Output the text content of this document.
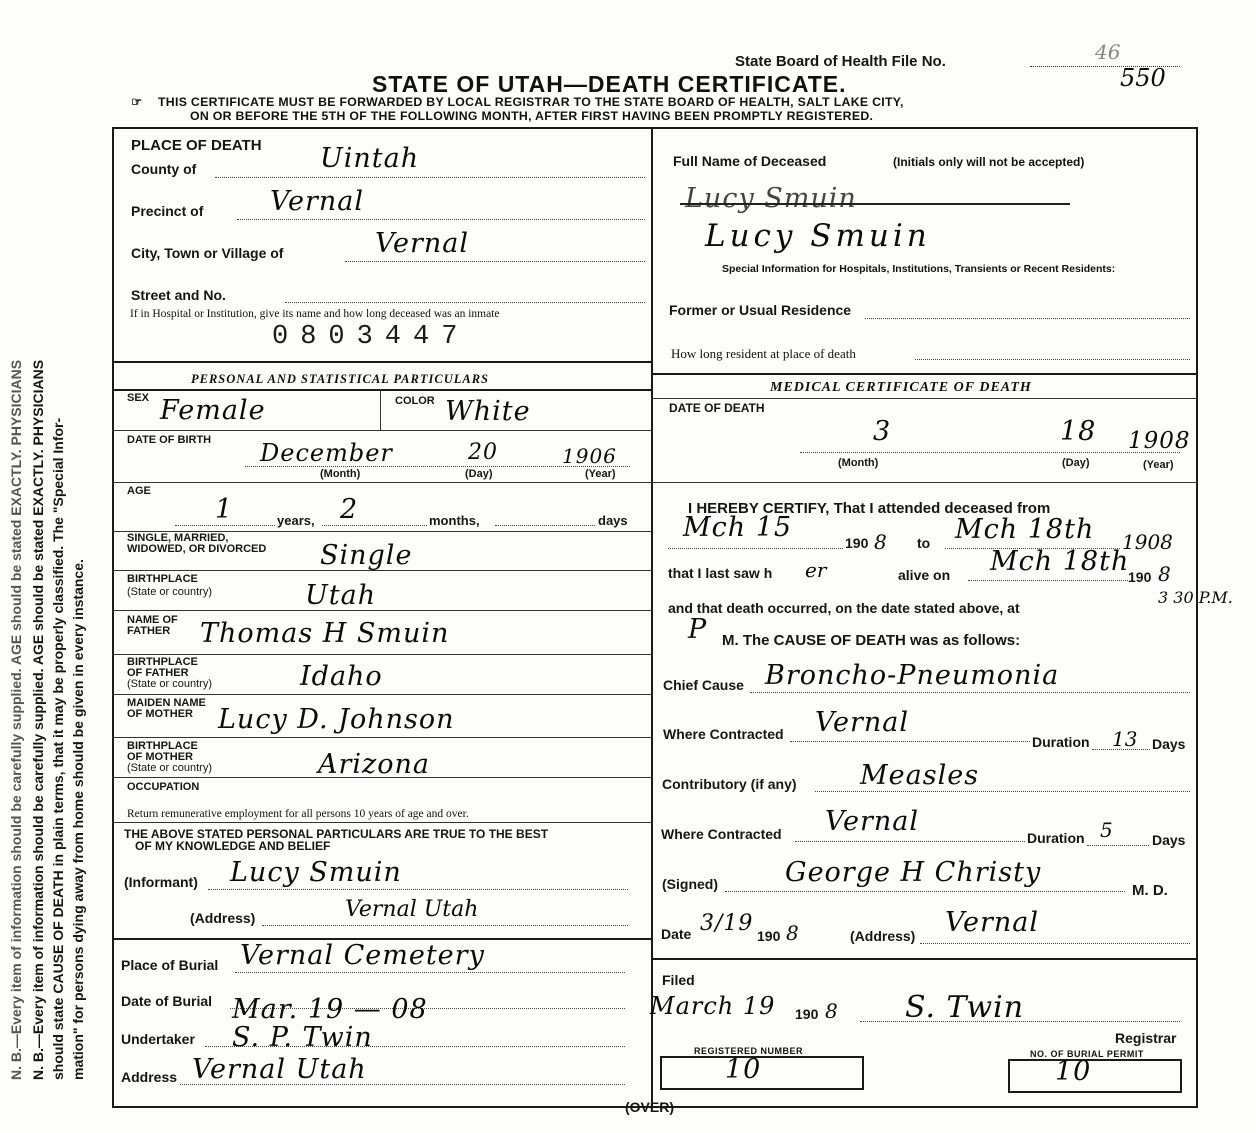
N. B.—Every item of information should be carefully supplied. AGE should be stated EXACTLY. PHYSICIANS should state CAUSE OF DEATH in plain terms, that it may be properly classified. The "Special Infor- mation" for persons dying away from home should be given in every instance.
N. B.—Every item of information should be carefully supplied. AGE should be stated EXACTLY. PHYSICIANS
State Board of Health File No.	46
550
STATE OF UTAH—DEATH CERTIFICATE.
☞ THIS CERTIFICATE MUST BE FORWARDED BY LOCAL REGISTRAR TO THE STATE BOARD OF HEALTH, SALT LAKE CITY,
ON OR BEFORE THE 5TH OF THE FOLLOWING MONTH, AFTER FIRST HAVING BEEN PROMPTLY REGISTERED.
PLACE OF DEATH
County of	Uintah
Precinct of Vernal
City, Town or Village of	Vernal
Street and No.
If in Hospital or Institution, give its name and how long deceased was an inmate
0803447
Full Name of Deceased	(Initials only will not be accepted)
Lucy Smuin
Lucy Smuin
Special Information for Hospitals, Institutions, Transients or Recent Residents:
Former or Usual Residence
How long resident at place of death
PERSONAL AND STATISTICAL PARTICULARS
SEX Female	COLOR White
DATE OF BIRTH December	20	1906
(Month)	(Day)	(Year)
AGE
1	years, 2	months,	days
SINGLE, MARRIED,
WIDOWED, OR DIVORCED Single
BIRTHPLACE
(State or country)	Utah
NAME OF
FATHER Thomas H Smuin
BIRTHPLACE
OF FATHER
(State or country)	Idaho
MAIDEN NAME
OF MOTHER Lucy D. Johnson
BIRTHPLACE
OF MOTHER
(State or country)	Arizona
OCCUPATION
Return remunerative employment for all persons 10 years of age and over.
THE ABOVE STATED PERSONAL PARTICULARS ARE TRUE TO THE BEST
OF MY KNOWLEDGE AND BELIEF
(Informant) Lucy Smuin
(Address)	Vernal Utah
Place of Burial Vernal Cemetery
Date of Burial Mar. 19 — 08
Undertaker S. P. Twin
Address Vernal Utah
MEDICAL CERTIFICATE OF DEATH
DATE OF DEATH
3	18 1908
(Month)	(Day)	(Year)
I HEREBY CERTIFY, That I attended deceased from
Mch 15	190 8 to Mch 18th 1908
that I last saw h er	alive on Mch 18th
190 8
and that death occurred, on the date stated above, at
3 30 P.M.
P M. The CAUSE OF DEATH was as follows:
Chief Cause Broncho-Pneumonia
Where Contracted Vernal
Duration 13 Days
Contributory (if any) Measles
Where Contracted Vernal
Duration 5	Days
(Signed) George H Christy
M. D.
Date 3/19 190 8	(Address) Vernal
Filed
March 19 190 8 S. Twin
Registrar
REGISTERED NUMBER
10	NO. OF BURIAL PERMIT
10
(OVER)
